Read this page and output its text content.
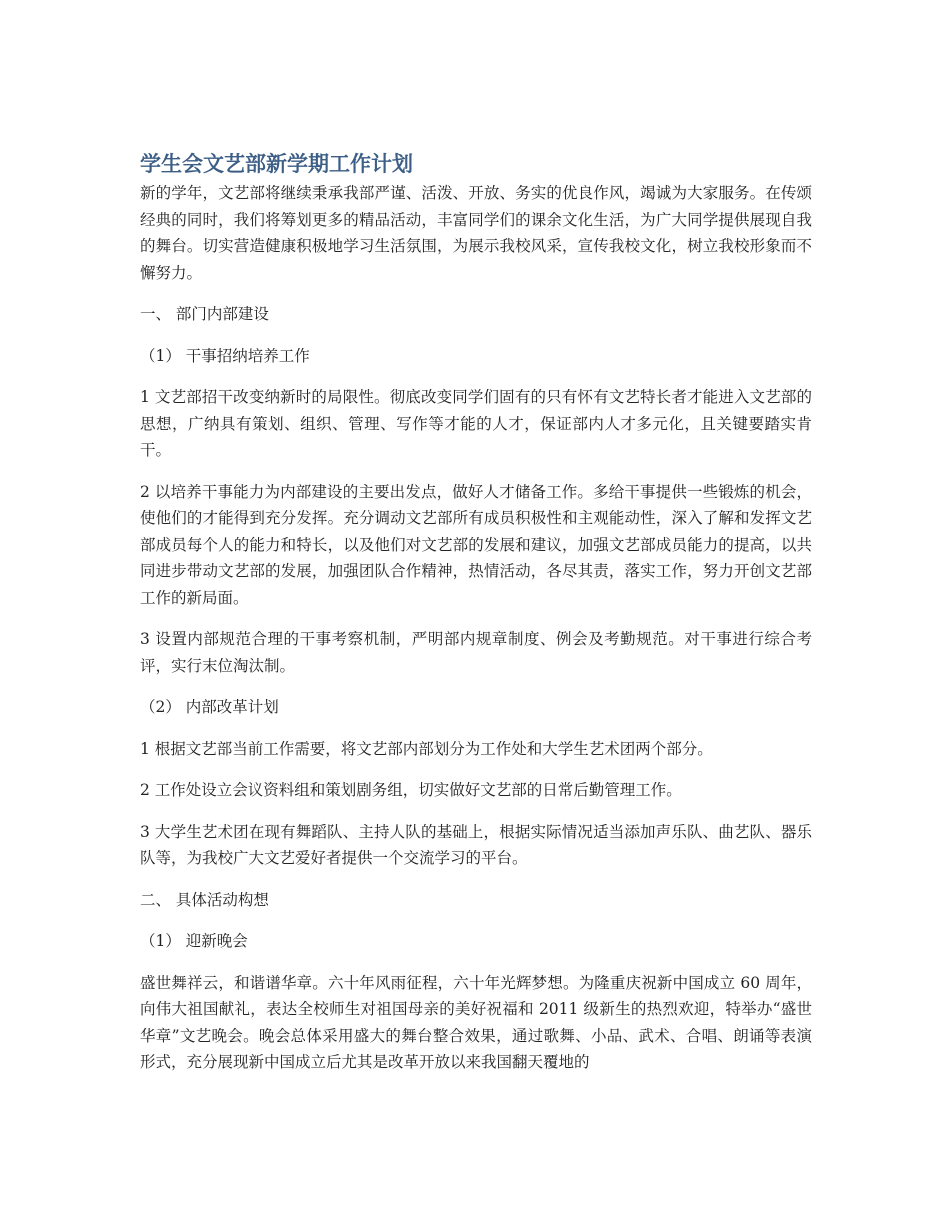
学生会文艺部新学期工作计划

新的学年，文艺部将继续秉承我部严谨、活泼、开放、务实的优良作风，竭诚为大家服务。在传颂经典的同时，我们将筹划更多的精品活动，丰富同学们的课余文化生活，为广大同学提供展现自我的舞台。切实营造健康积极地学习生活氛围，为展示我校风采，宣传我校文化，树立我校形象而不懈努力。

一、 部门内部建设

（1） 干事招纳培养工作

1 文艺部招干改变纳新时的局限性。彻底改变同学们固有的只有怀有文艺特长者才能进入文艺部的思想，广纳具有策划、组织、管理、写作等才能的人才，保证部内人才多元化，且关键要踏实肯干。

2 以培养干事能力为内部建设的主要出发点，做好人才储备工作。多给干事提供一些锻炼的机会，使他们的才能得到充分发挥。充分调动文艺部所有成员积极性和主观能动性，深入了解和发挥文艺部成员每个人的能力和特长，以及他们对文艺部的发展和建议，加强文艺部成员能力的提高，以共同进步带动文艺部的发展，加强团队合作精神，热情活动，各尽其责，落实工作，努力开创文艺部工作的新局面。

3 设置内部规范合理的干事考察机制，严明部内规章制度、例会及考勤规范。对干事进行综合考评，实行末位淘汰制。

（2） 内部改革计划

1 根据文艺部当前工作需要，将文艺部内部划分为工作处和大学生艺术团两个部分。

2 工作处设立会议资料组和策划剧务组，切实做好文艺部的日常后勤管理工作。

3 大学生艺术团在现有舞蹈队、主持人队的基础上，根据实际情况适当添加声乐队、曲艺队、器乐队等，为我校广大文艺爱好者提供一个交流学习的平台。

二、 具体活动构想

（1） 迎新晚会

盛世舞祥云，和谐谱华章。六十年风雨征程，六十年光辉梦想。为隆重庆祝新中国成立 60 周年，向伟大祖国献礼，表达全校师生对祖国母亲的美好祝福和 2011 级新生的热烈欢迎，特举办“盛世华章”文艺晚会。晚会总体采用盛大的舞台整合效果，通过歌舞、小品、武术、合唱、朗诵等表演形式，充分展现新中国成立后尤其是改革开放以来我国翻天覆地的
